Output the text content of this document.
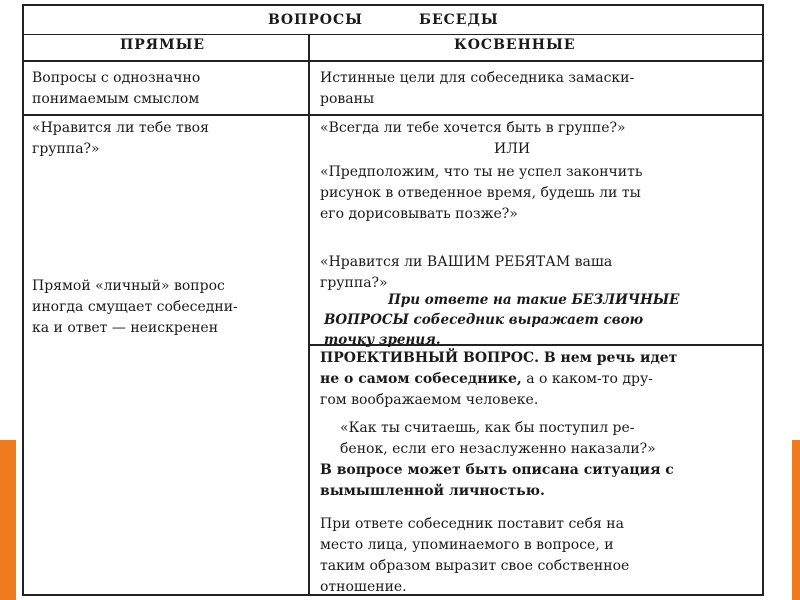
ВОПРОСЫ	БЕСЕДЫ
ПРЯМЫЕ	КОСВЕННЫЕ
Вопросы с однозначно
понимаемым смыслом
Истинные цели для собеседника замаски-
рованы
«Нравится ли тебе твоя
группа?»
Прямой «личный» вопрос
иногда смущает собеседни-
ка и ответ — неискренен
«Всегда ли тебе хочется быть в группе?»
ИЛИ
«Предположим, что ты не успел закончить
рисунок в отведенное время, будешь ли ты
его дорисовывать позже?»
«Нравится ли ВАШИМ РЕБЯТАМ ваша
группа?»
При ответе на такие БЕЗЛИЧНЫЕ
ВОПРОСЫ собеседник выражает свою
точку зрения.
ПРОЕКТИВНЫЙ ВОПРОС. В нем речь идет
не о самом собеседнике, а о каком-то дру-
гом воображаемом человеке.
«Как ты считаешь, как бы поступил ре-
бенок, если его незаслуженно наказали?»
В вопросе может быть описана ситуация с
вымышленной личностью.
При ответе собеседник поставит себя на
место лица, упоминаемого в вопросе, и
таким образом выразит свое собственное
отношение.
